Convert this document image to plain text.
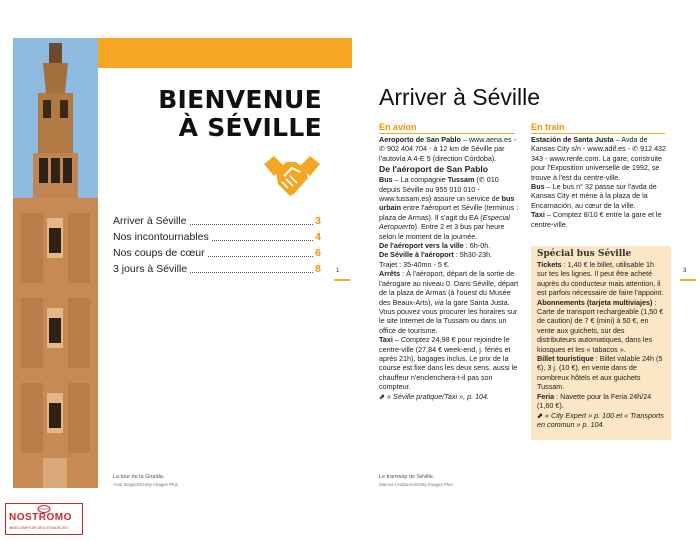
BIENVENUE
À SÉVILLE
Arriver à Séville	3
Nos incontournables	4
Nos coups de cœur	6
3 jours à Séville	8	1
La tour de la Giralda.
Artur Bogacki/Getty Images Plus
Arriver à Séville
En avion

Aeroporto de San Pablo – www.aena.es - ✆ 902 404 704 - à 12 km de Séville par l'autovía A 4-E 5 (direction Córdoba).

De l'aéroport de San Pablo

Bus – La compagnie Tussam (✆ 010 depuis Séville ou 955 010 010 - www.tussam.es) assure un service de bus urbain entre l'aéroport et Séville (terminus : plaza de Armas). Il s'agit du EA (Especial Aeropuerto). Entre 2 et 3 bus par heure selon le moment de la journée.

De l'aéroport vers la ville : 6h-0h.

De Séville à l'aéroport : 5h30-23h.

Trajet : 35-40mn - 5 €.

Arrêts : À l'aéroport, départ de la sortie de l'aérogare au niveau 0. Dans Séville, départ de la plaza de Armas (à l'ouest du Musée des Beaux-Arts), via la gare Santa Justa.

Vous pouvez vous procurer les horaires sur le site Internet de la Tussam ou dans un office de tourisme.

Taxi – Comptez 24,98 € pour rejoindre le centre-ville (27,84 € week-end, j. fériés et après 21h), bagages inclus. Le prix de la course est fixe dans les deux sens, aussi le chauffeur n'enclenchera-t-il pas son compteur.

⬈ « Séville pratique/Taxi », p. 104.

En train

Estación de Santa Justa – Avda de Kansas City s/n - www.adif.es - ✆ 912 432 343 - www.renfe.com. La gare, construite pour l'Exposition universelle de 1992, se trouve à l'est du centre-ville.

Bus – Le bus n° 32 passe sur l'avda de Kansas City et mène à la plaza de la Encarnación, au cœur de la ville.

Taxi – Comptez 8/10 € entre la gare et le centre-ville.

Spécial bus Séville

Tickets : 1,40 € le billet, utilisable 1h sur tes les lignes. Il peut être acheté auprès du conducteur mais attention, il est parfois nécessaire de faire l'appoint.

Abonnements (tarjeta multiviajes) : Carte de transport rechargeable (1,50 € de caution) de 7 € (mini) à 50 €, en vente aux guichets, sur des distributeurs automatiques, dans les kiosques et les « tabacos ».

Billet touristique : Billet valable 24h (5 €), 3 j. (10 €), en vente dans de nombreux hôtels et aux guichets Tussam.

Feria : Navette pour la Feria 24h/24 (1,60 €).

⬈ « City Expert » p. 100 et « Transports en commun » p. 104.

3
Le tramway de Séville.
Marcus Lindstrom/Getty Images Plus
NOSTROMO
WEB COMPTOIR DES VOYAGEURS
